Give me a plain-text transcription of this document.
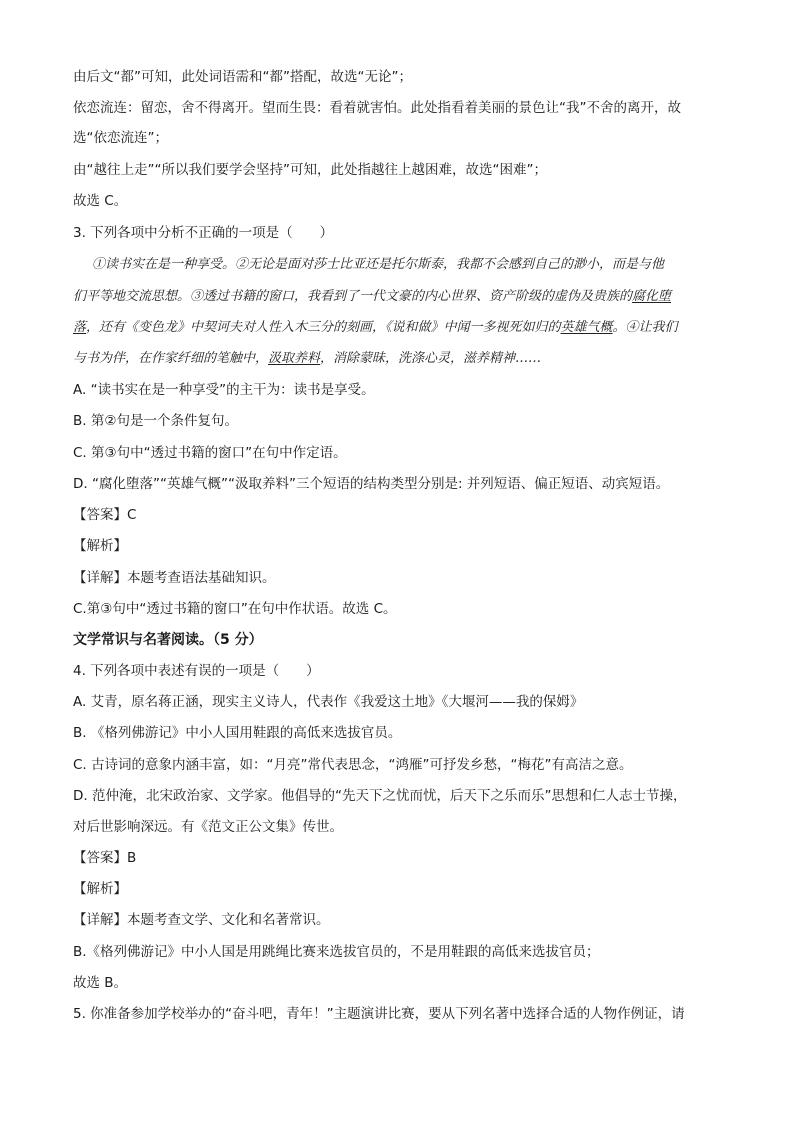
由后文“都”可知，此处词语需和“都”搭配，故选“无论”；
依恋流连：留恋，舍不得离开。望而生畏：看着就害怕。此处指看着美丽的景色让“我”不舍的离开，故
选“依恋流连”；
由“越往上走”“所以我们要学会坚持”可知，此处指越往上越困难，故选“困难”；
故选 C。
3. 下列各项中分析不正确的一项是（　　）
①读书实在是一种享受。②无论是面对莎士比亚还是托尔斯泰，我都不会感到自己的渺小，而是与他
们平等地交流思想。③透过书籍的窗口，我看到了一代文豪的内心世界、资产阶级的虚伪及贵族的腐化堕
落，还有《变色龙》中契诃夫对人性入木三分的刻画，《说和做》中闻一多视死如归的英雄气概。④让我们
与书为伴，在作家纤细的笔触中，汲取养料，消除蒙昧，洗涤心灵，滋养精神……
A. “读书实在是一种享受”的主干为：读书是享受。
B. 第②句是一个条件复句。
C. 第③句中“透过书籍的窗口”在句中作定语。
D. “腐化堕落”“英雄气概”“汲取养料”三个短语的结构类型分别是: 并列短语、偏正短语、动宾短语。
【答案】C
【解析】
【详解】本题考查语法基础知识。
C.第③句中“透过书籍的窗口”在句中作状语。故选 C。
文学常识与名著阅读。（5 分）
4. 下列各项中表述有误的一项是（　　）
A. 艾青，原名蒋正涵，现实主义诗人，代表作《我爱这土地》《大堰河——我的保姆》
B. 《格列佛游记》中小人国用鞋跟的高低来选拔官员。
C. 古诗词的意象内涵丰富，如：“月亮”常代表思念，“鸿雁”可抒发乡愁，“梅花”有高洁之意。
D. 范仲淹，北宋政治家、文学家。他倡导的“先天下之忧而忧，后天下之乐而乐”思想和仁人志士节操，
对后世影响深远。有《范文正公文集》传世。
【答案】B
【解析】
【详解】本题考查文学、文化和名著常识。
B.《格列佛游记》中小人国是用跳绳比赛来选拔官员的，不是用鞋跟的高低来选拔官员；
故选 B。
5. 你准备参加学校举办的“奋斗吧，青年！”主题演讲比赛，要从下列名著中选择合适的人物作例证，请
